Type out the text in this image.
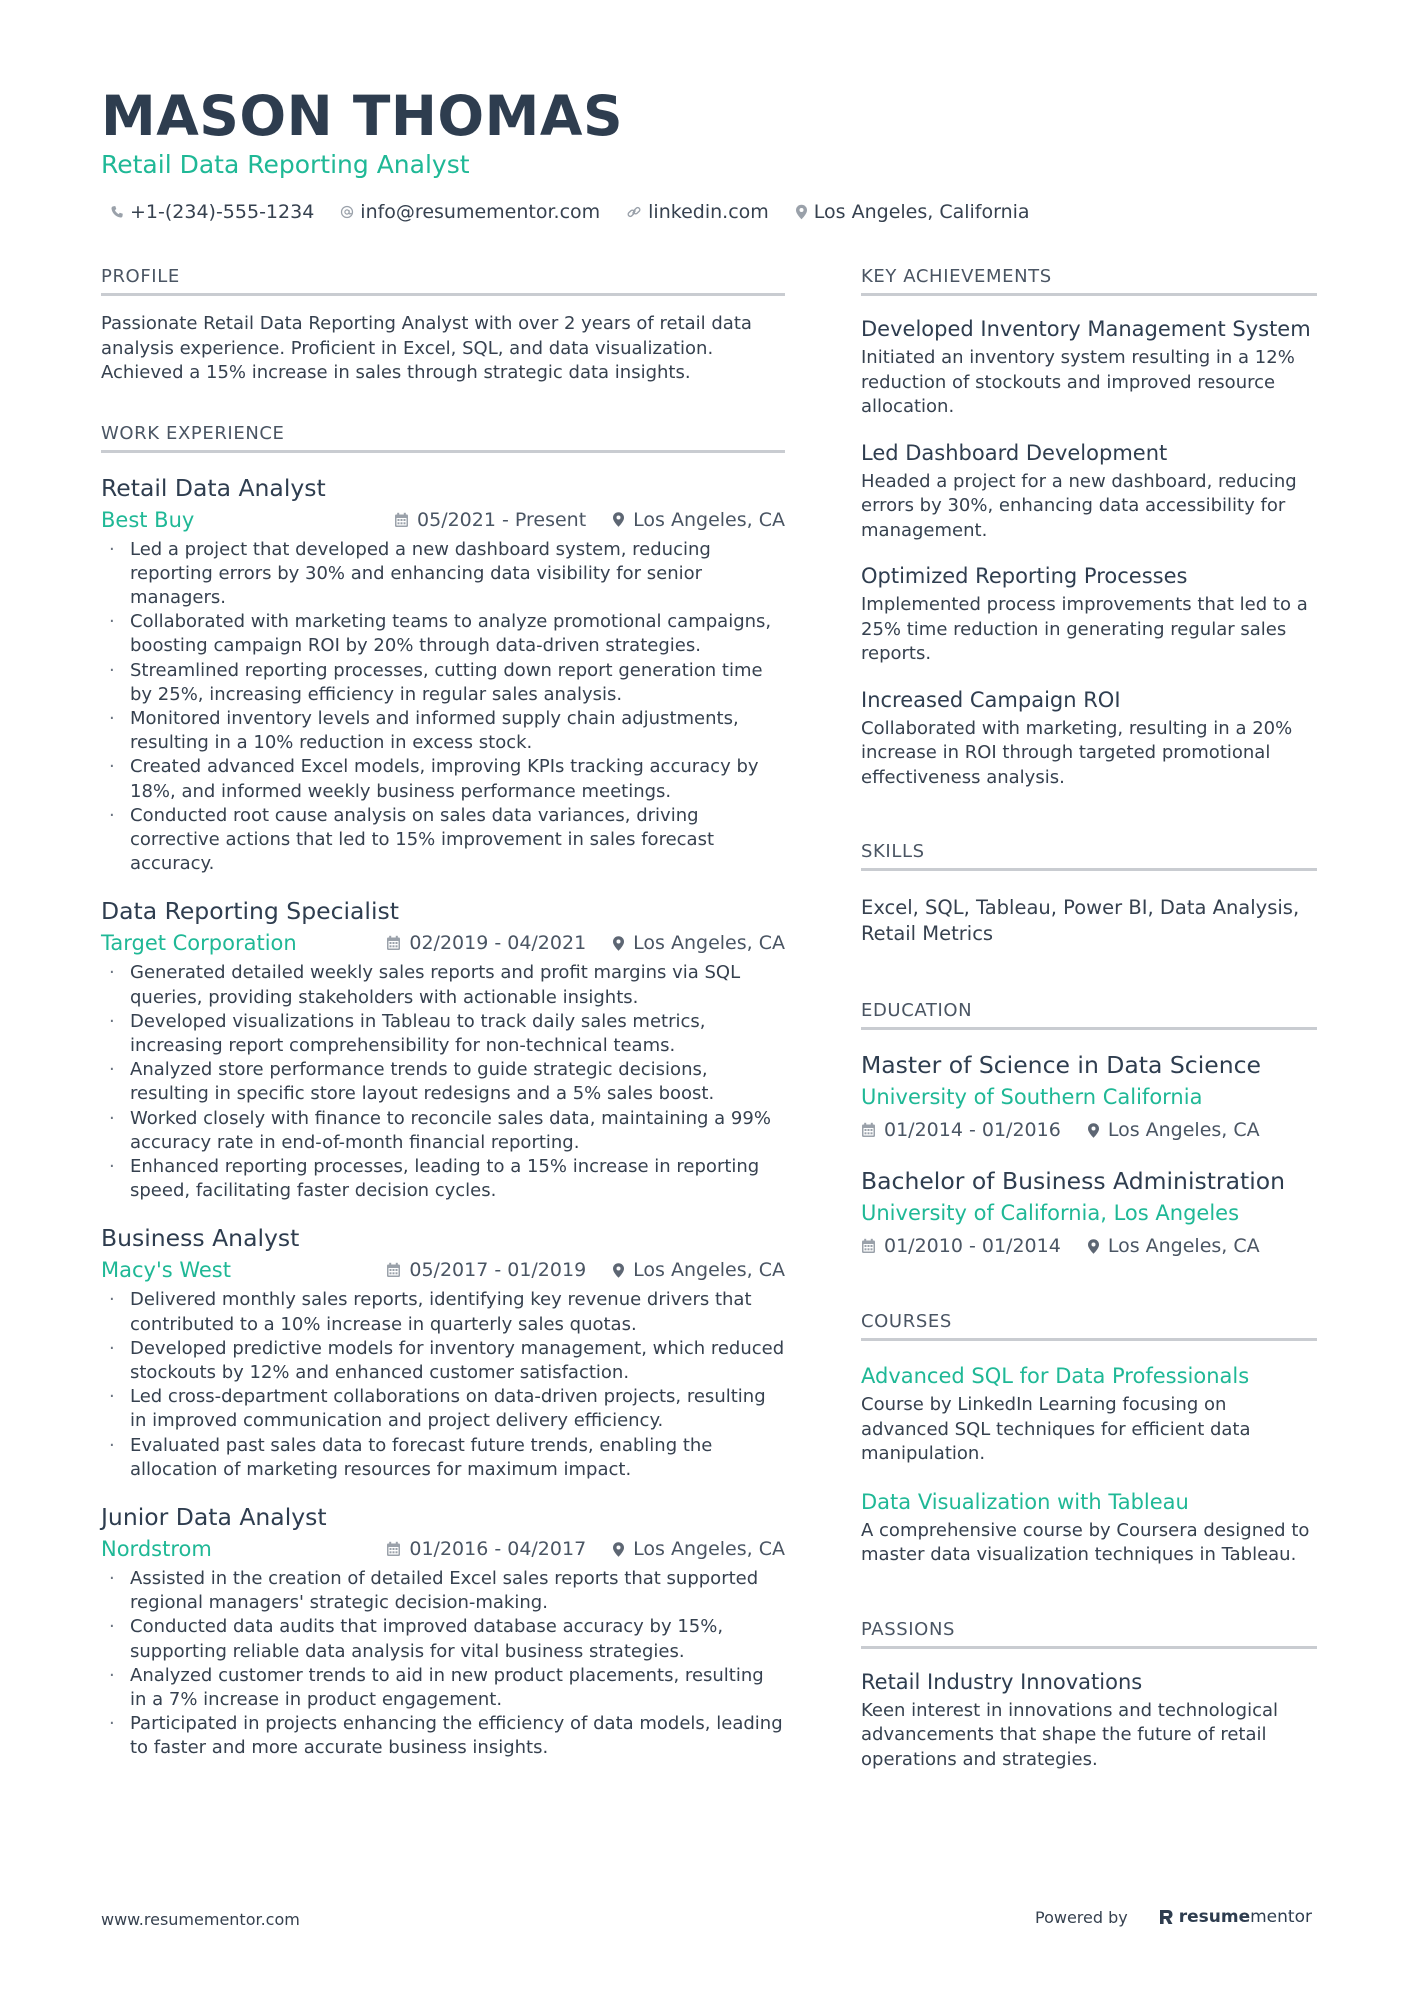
MASON THOMAS
Retail Data Reporting Analyst
+1-(234)-555-1234 info@resumementor.com	linkedin.com Los Angeles, California
PROFILE

Passionate Retail Data Reporting Analyst with over 2 years of retail data analysis experience. Proficient in Excel, SQL, and data visualization. Achieved a 15% increase in sales through strategic data insights.

WORK EXPERIENCE
Retail Data Analyst
Best Buy	05/2021 - Present Los Angeles, CA
· Led a project that developed a new dashboard system, reducing reporting errors by 30% and enhancing data visibility for senior managers.
· Collaborated with marketing teams to analyze promotional campaigns, boosting campaign ROI by 20% through data-driven strategies.
· Streamlined reporting processes, cutting down report generation time by 25%, increasing efficiency in regular sales analysis.
· Monitored inventory levels and informed supply chain adjustments, resulting in a 10% reduction in excess stock.
· Created advanced Excel models, improving KPIs tracking accuracy by 18%, and informed weekly business performance meetings.
· Conducted root cause analysis on sales data variances, driving corrective actions that led to 15% improvement in sales forecast accuracy.
Data Reporting Specialist
Target Corporation	02/2019 - 04/2021 Los Angeles, CA
· Generated detailed weekly sales reports and profit margins via SQL queries, providing stakeholders with actionable insights.
· Developed visualizations in Tableau to track daily sales metrics, increasing report comprehensibility for non-technical teams.
· Analyzed store performance trends to guide strategic decisions, resulting in specific store layout redesigns and a 5% sales boost.
· Worked closely with finance to reconcile sales data, maintaining a 99% accuracy rate in end-of-month financial reporting.
· Enhanced reporting processes, leading to a 15% increase in reporting speed, facilitating faster decision cycles.
Business Analyst
Macy's West	05/2017 - 01/2019 Los Angeles, CA
· Delivered monthly sales reports, identifying key revenue drivers that contributed to a 10% increase in quarterly sales quotas.
· Developed predictive models for inventory management, which reduced stockouts by 12% and enhanced customer satisfaction.
· Led cross-department collaborations on data-driven projects, resulting in improved communication and project delivery efficiency.
· Evaluated past sales data to forecast future trends, enabling the allocation of marketing resources for maximum impact.
Junior Data Analyst
Nordstrom	01/2016 - 04/2017 Los Angeles, CA
· Assisted in the creation of detailed Excel sales reports that supported regional managers' strategic decision-making.
· Conducted data audits that improved database accuracy by 15%, supporting reliable data analysis for vital business strategies.
· Analyzed customer trends to aid in new product placements, resulting in a 7% increase in product engagement.
· Participated in projects enhancing the efficiency of data models, leading to faster and more accurate business insights.
KEY ACHIEVEMENTS
Developed Inventory Management System
Initiated an inventory system resulting in a 12% reduction of stockouts and improved resource allocation.
Led Dashboard Development
Headed a project for a new dashboard, reducing errors by 30%, enhancing data accessibility for management.
Optimized Reporting Processes
Implemented process improvements that led to a 25% time reduction in generating regular sales reports.
Increased Campaign ROI
Collaborated with marketing, resulting in a 20% increase in ROI through targeted promotional effectiveness analysis.
SKILLS
Excel, SQL, Tableau, Power BI, Data Analysis, Retail Metrics
EDUCATION
Master of Science in Data Science
University of Southern California
01/2014 - 01/2016 Los Angeles, CA
Bachelor of Business Administration
University of California, Los Angeles
01/2010 - 01/2014 Los Angeles, CA
COURSES
Advanced SQL for Data Professionals
Course by LinkedIn Learning focusing on advanced SQL techniques for efficient data manipulation.
Data Visualization with Tableau
A comprehensive course by Coursera designed to master data visualization techniques in Tableau.
PASSIONS
Retail Industry Innovations
Keen interest in innovations and technological advancements that shape the future of retail operations and strategies.
www.resumementor.com	Powered by	resume mentor
